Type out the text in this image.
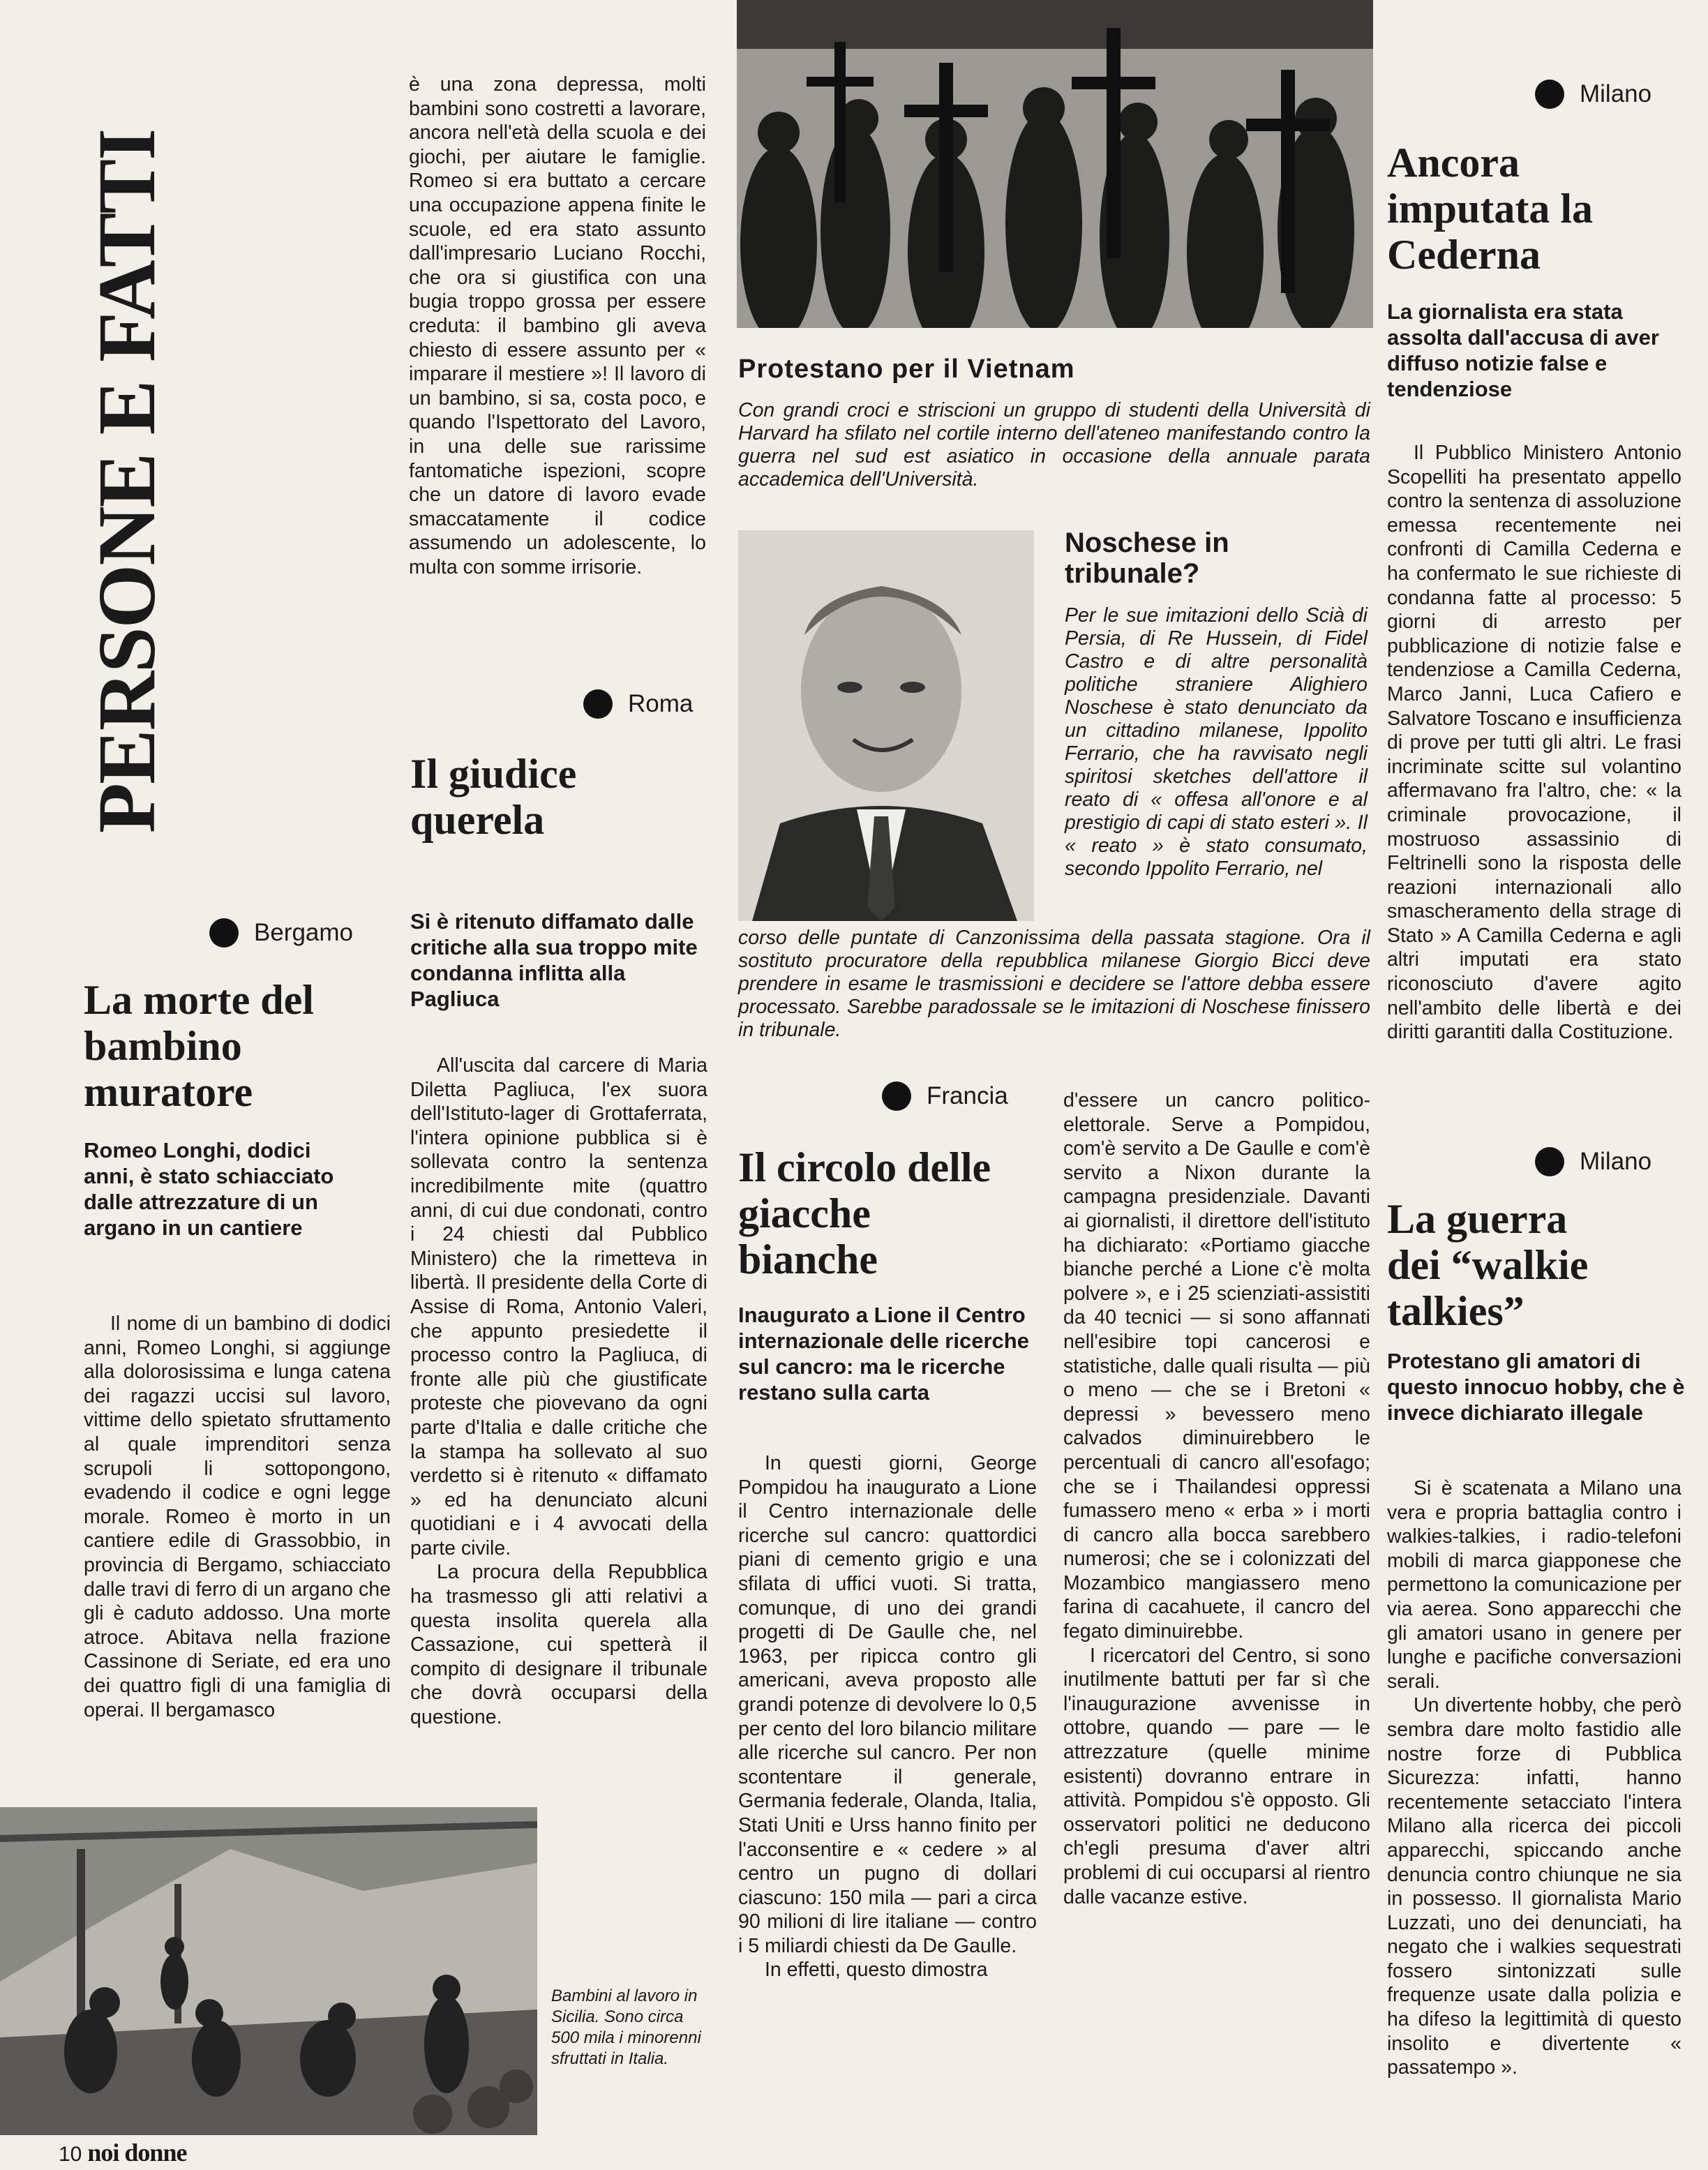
PERSONE E FATTI
Bergamo
La morte del bambino muratore
Romeo Longhi, dodici anni, è stato schiacciato dalle attrezzature di un argano in un cantiere

Il nome di un bambino di dodici anni, Romeo Longhi, si aggiunge alla dolorosissima e lunga catena dei ragazzi uccisi sul lavoro, vittime dello spietato sfruttamento al quale imprenditori senza scrupoli li sottopongono, evadendo il codice e ogni legge morale. Romeo è morto in un cantiere edile di Grassobbio, in provincia di Bergamo, schiacciato dalle travi di ferro di un argano che gli è caduto addosso. Una morte atroce. Abitava nella frazione Cassinone di Seriate, ed era uno dei quattro figli di una famiglia di operai. Il bergamasco

è una zona depressa, molti bambini sono costretti a lavorare, ancora nell'età della scuola e dei giochi, per aiutare le famiglie. Romeo si era buttato a cercare una occupazione appena finite le scuole, ed era stato assunto dall'impresario Luciano Rocchi, che ora si giustifica con una bugia troppo grossa per essere creduta: il bambino gli aveva chiesto di essere assunto per « imparare il mestiere »! Il lavoro di un bambino, si sa, costa poco, e quando l'Ispettorato del Lavoro, in una delle sue rarissime fantomatiche ispezioni, scopre che un datore di lavoro evade smaccatamente il codice assumendo un adolescente, lo multa con somme irrisorie.

Bambini al lavoro in Sicilia. Sono circa 500 mila i minorenni sfruttati in Italia.
Roma
Il giudice querela
Si è ritenuto diffamato dalle critiche alla sua troppo mite condanna inflitta alla Pagliuca

All'uscita dal carcere di Maria Diletta Pagliuca, l'ex suora dell'Istituto-lager di Grottaferrata, l'intera opinione pubblica si è sollevata contro la sentenza incredibilmente mite (quattro anni, di cui due condonati, contro i 24 chiesti dal Pubblico Ministero) che la rimetteva in libertà. Il presidente della Corte di Assise di Roma, Antonio Valeri, che appunto presiedette il processo contro la Pagliuca, di fronte alle più che giustificate proteste che piovevano da ogni parte d'Italia e dalle critiche che la stampa ha sollevato al suo verdetto si è ritenuto « diffamato » ed ha denunciato alcuni quotidiani e i 4 avvocati della parte civile.

La procura della Repubblica ha trasmesso gli atti relativi a questa insolita querela alla Cassazione, cui spetterà il compito di designare il tribunale che dovrà occuparsi della questione.

Protestano per il Vietnam
Con grandi croci e striscioni un gruppo di studenti della Università di Harvard ha sfilato nel cortile interno dell'ateneo manifestando contro la guerra nel sud est asiatico in occasione della annuale parata accademica dell'Università.
Noschese in tribunale?
Per le sue imitazioni dello Scià di Persia, di Re Hussein, di Fidel Castro e di altre personalità politiche straniere Alighiero Noschese è stato denunciato da un cittadino milanese, Ippolito Ferrario, che ha ravvisato negli spiritosi sketches dell'attore il reato di « offesa all'onore e al prestigio di capi di stato esteri ». Il « reato » è stato consumato, secondo Ippolito Ferrario, nel
corso delle puntate di Canzonissima della passata stagione. Ora il sostituto procuratore della repubblica milanese Giorgio Bicci deve prendere in esame le trasmissioni e decidere se l'attore debba essere processato. Sarebbe paradossale se le imitazioni di Noschese finissero in tribunale.
Francia
Il circolo delle giacche bianche
Inaugurato a Lione il Centro internazionale delle ricerche sul cancro: ma le ricerche restano sulla carta

In questi giorni, George Pompidou ha inaugurato a Lione il Centro internazionale delle ricerche sul cancro: quattordici piani di cemento grigio e una sfilata di uffici vuoti. Si tratta, comunque, di uno dei grandi progetti di De Gaulle che, nel 1963, per ripicca contro gli americani, aveva proposto alle grandi potenze di devolvere lo 0,5 per cento del loro bilancio militare alle ricerche sul cancro. Per non scontentare il generale, Germania federale, Olanda, Italia, Stati Uniti e Urss hanno finito per l'acconsentire e « cedere » al centro un pugno di dollari ciascuno: 150 mila — pari a circa 90 milioni di lire italiane — contro i 5 miliardi chiesti da De Gaulle.

In effetti, questo dimostra

d'essere un cancro politico-elettorale. Serve a Pompidou, com'è servito a De Gaulle e com'è servito a Nixon durante la campagna presidenziale. Davanti ai giornalisti, il direttore dell'istituto ha dichiarato: «Portiamo giacche bianche perché a Lione c'è molta polvere », e i 25 scienziati-assistiti da 40 tecnici — si sono affannati nell'esibire topi cancerosi e statistiche, dalle quali risulta — più o meno — che se i Bretoni « depressi » bevessero meno calvados diminuirebbero le percentuali di cancro all'esofago; che se i Thailandesi oppressi fumassero meno « erba » i morti di cancro alla bocca sarebbero numerosi; che se i colonizzati del Mozambico mangiassero meno farina di cacahuete, il cancro del fegato diminuirebbe.

I ricercatori del Centro, si sono inutilmente battuti per far sì che l'inaugurazione avvenisse in ottobre, quando — pare — le attrezzature (quelle minime esistenti) dovranno entrare in attività. Pompidou s'è opposto. Gli osservatori politici ne deducono ch'egli presuma d'aver altri problemi di cui occuparsi al rientro dalle vacanze estive.

Milano
Ancora imputata la Cederna
La giornalista era stata assolta dall'accusa di aver diffuso notizie false e tendenziose

Il Pubblico Ministero Antonio Scopelliti ha presentato appello contro la sentenza di assoluzione emessa recentemente nei confronti di Camilla Cederna e ha confermato le sue richieste di condanna fatte al processo: 5 giorni di arresto per pubblicazione di notizie false e tendenziose a Camilla Cederna, Marco Janni, Luca Cafiero e Salvatore Toscano e insufficienza di prove per tutti gli altri. Le frasi incriminate scitte sul volantino affermavano fra l'altro, che: « la criminale provocazione, il mostruoso assassinio di Feltrinelli sono la risposta delle reazioni internazionali allo smascheramento della strage di Stato » A Camilla Cederna e agli altri imputati era stato riconosciuto d'avere agito nell'ambito delle libertà e dei diritti garantiti dalla Costituzione.

Milano
La guerra dei “walkie talkies”
Protestano gli amatori di questo innocuo hobby, che è invece dichiarato illegale

Si è scatenata a Milano una vera e propria battaglia contro i walkies-talkies, i radio-telefoni mobili di marca giapponese che permettono la comunicazione per via aerea. Sono apparecchi che gli amatori usano in genere per lunghe e pacifiche conversazioni serali.

Un divertente hobby, che però sembra dare molto fastidio alle nostre forze di Pubblica Sicurezza: infatti, hanno recentemente setacciato l'intera Milano alla ricerca dei piccoli apparecchi, spiccando anche denuncia contro chiunque ne sia in possesso. Il giornalista Mario Luzzati, uno dei denunciati, ha negato che i walkies sequestrati fossero sintonizzati sulle frequenze usate dalla polizia e ha difeso la legittimità di questo insolito e divertente « passatempo ».

10 noi donne
